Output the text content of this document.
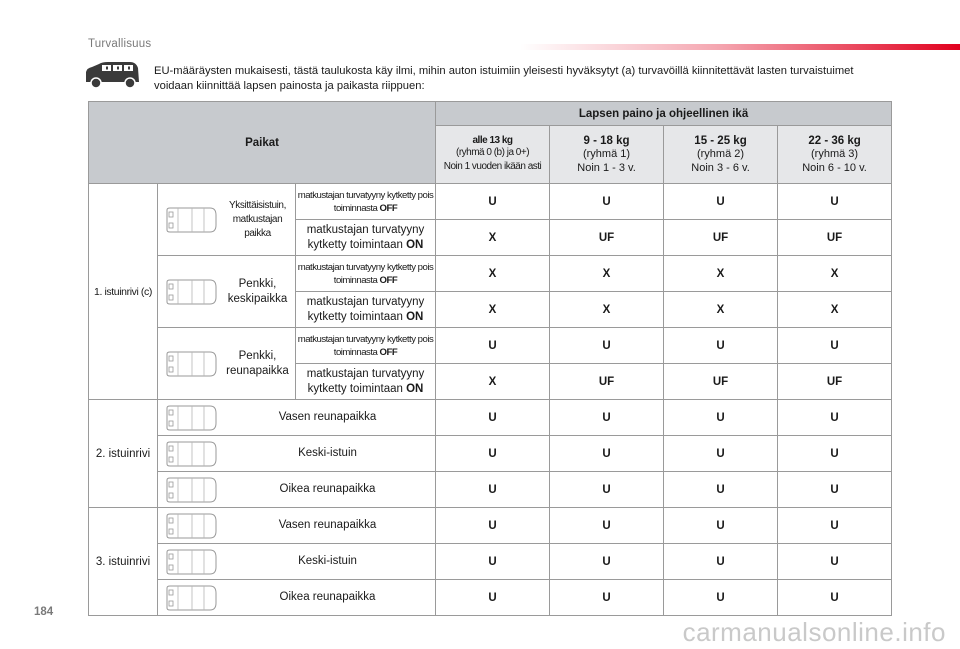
Turvallisuus
EU-määräysten mukaisesti, tästä taulukosta käy ilmi, mihin auton istuimiin yleisesti hyväksytyt (a) turvavöillä kiinnitettävät lasten turvaistuimet voidaan kiinnittää lapsen painosta ja paikasta riippuen:
Paikat			Lapsen paino ja ohjeellinen ikä			

			alle 13 kg
(ryhmä 0 (b) ja 0+)
Noin 1 vuoden ikään asti	9 - 18 kg
(ryhmä 1)
Noin 1 - 3 v.	15 - 25 kg
(ryhmä 2)
Noin 3 - 6 v.	22 - 36 kg
(ryhmä 3)
Noin 6 - 10 v.

1. istuinrivi (c)	Yksittäisistuin, matkustajan paikka	matkustajan turvatyyny kytketty pois toiminnasta OFF	U	U	U	U
		matkustajan turvatyyny kytketty toimintaan ON	X	UF	UF	UF

	Penkki, keskipaikka	matkustajan turvatyyny kytketty pois toiminnasta OFF	X	X	X	X
		matkustajan turvatyyny kytketty toimintaan ON	X	X	X	X

	Penkki, reunapaikka	matkustajan turvatyyny kytketty pois toiminnasta OFF	U	U	U	U
		matkustajan turvatyyny kytketty toimintaan ON	X	UF	UF	UF
2. istuinrivi	Vasen reunapaikka		U	U	U	U

	Keski-istuin		U	U	U	U

	Oikea reunapaikka		U	U	U	U
3. istuinrivi	Vasen reunapaikka		U	U	U	U

	Keski-istuin		U	U	U	U

	Oikea reunapaikka		U	U	U	U
184
carmanualsonline.info
